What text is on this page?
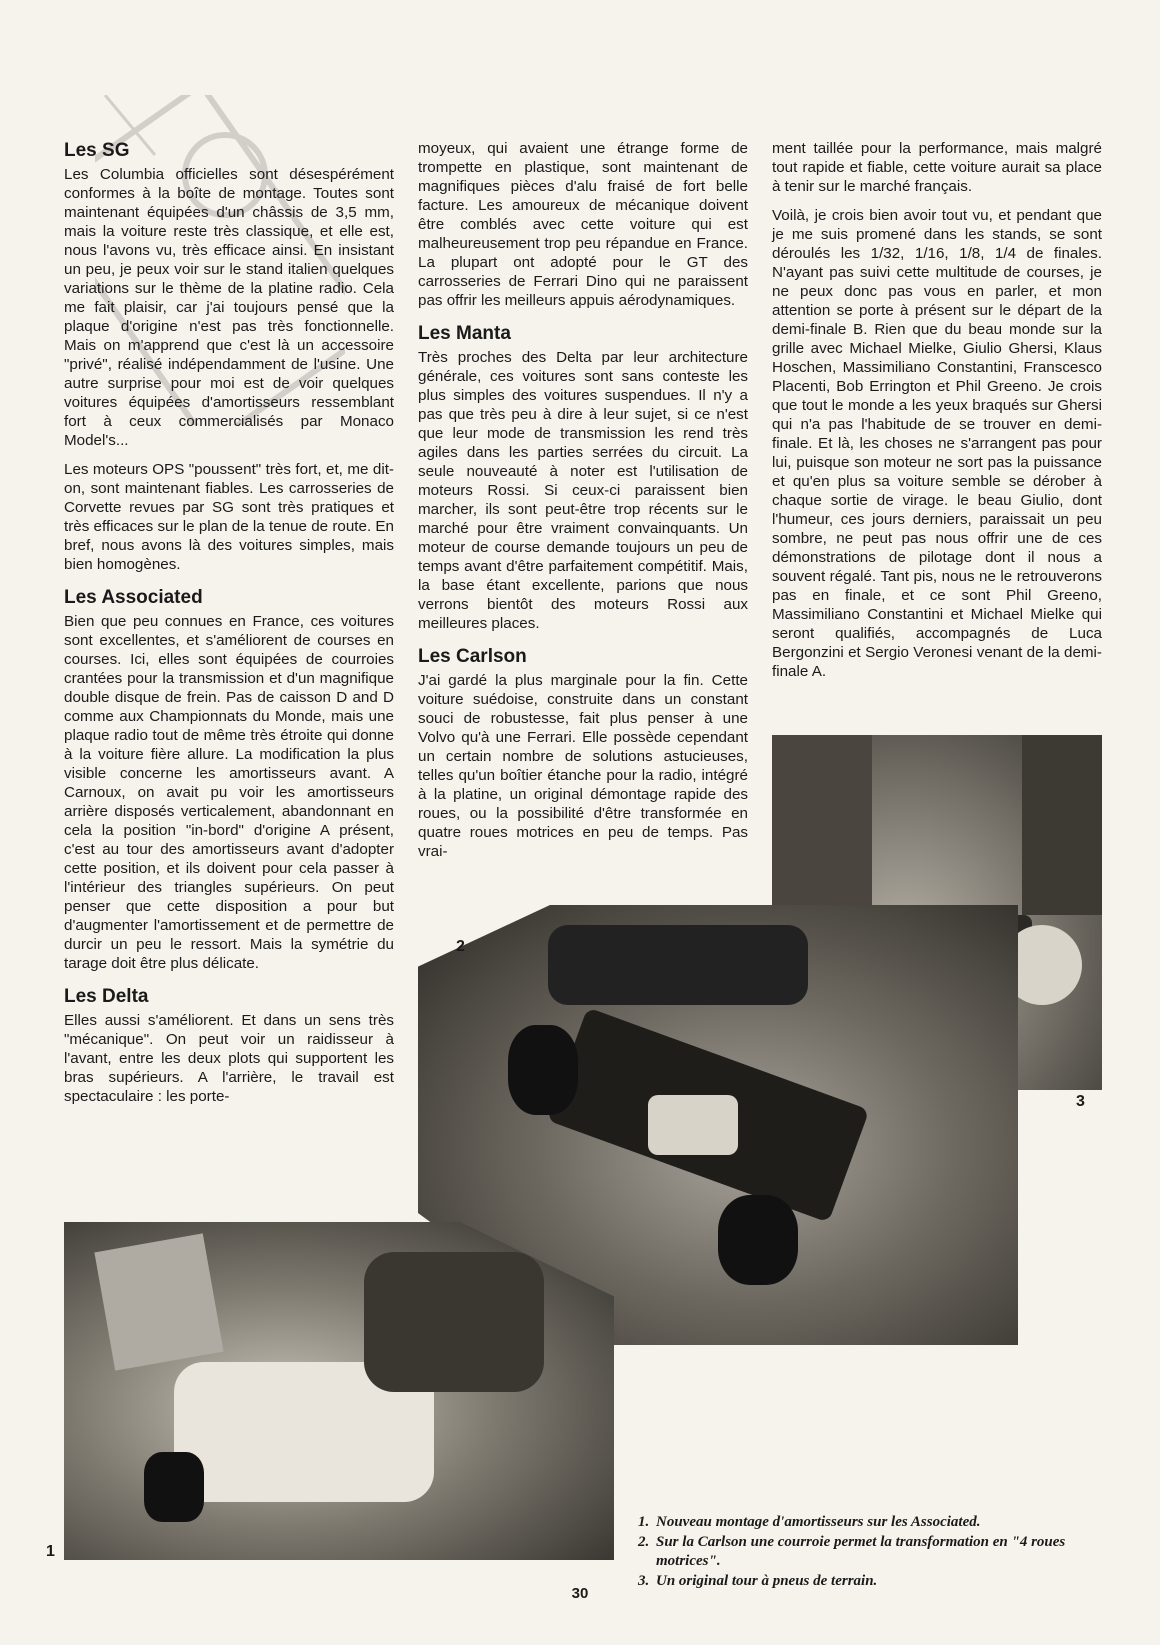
Les SG

Les Columbia officielles sont désespérément conformes à la boîte de montage. Toutes sont maintenant équipées d'un châssis de 3,5 mm, mais la voiture reste très classique, et elle est, nous l'avons vu, très efficace ainsi. En insistant un peu, je peux voir sur le stand italien quelques variations sur le thème de la platine radio. Cela me fait plaisir, car j'ai toujours pensé que la plaque d'origine n'est pas très fonctionnelle. Mais on m'apprend que c'est là un accessoire "privé", réalisé indépendamment de l'usine. Une autre surprise pour moi est de voir quelques voitures équipées d'amortisseurs ressemblant fort à ceux commercialisés par Monaco Model's...

Les moteurs OPS "poussent" très fort, et, me dit-on, sont maintenant fiables. Les carrosseries de Corvette revues par SG sont très pratiques et très efficaces sur le plan de la tenue de route. En bref, nous avons là des voitures simples, mais bien homogènes.

Les Associated

Bien que peu connues en France, ces voitures sont excellentes, et s'améliorent de courses en courses. Ici, elles sont équipées de courroies crantées pour la transmission et d'un magnifique double disque de frein. Pas de caisson D and D comme aux Championnats du Monde, mais une plaque radio tout de même très étroite qui donne à la voiture fière allure. La modification la plus visible concerne les amortisseurs avant. A Carnoux, on avait pu voir les amortisseurs arrière disposés verticalement, abandonnant en cela la position "in-bord" d'origine A présent, c'est au tour des amortisseurs avant d'adopter cette position, et ils doivent pour cela passer à l'intérieur des triangles supérieurs. On peut penser que cette disposition a pour but d'augmenter l'amortissement et de permettre de durcir un peu le ressort. Mais la symétrie du tarage doit être plus délicate.

Les Delta

Elles aussi s'améliorent. Et dans un sens très "mécanique". On peut voir un raidisseur à l'avant, entre les deux plots qui supportent les bras supérieurs. A l'arrière, le travail est spectaculaire : les porte-

moyeux, qui avaient une étrange forme de trompette en plastique, sont maintenant de magnifiques pièces d'alu fraisé de fort belle facture. Les amoureux de mécanique doivent être comblés avec cette voiture qui est malheureusement trop peu répandue en France. La plupart ont adopté pour le GT des carrosseries de Ferrari Dino qui ne paraissent pas offrir les meilleurs appuis aérodynamiques.

Les Manta

Très proches des Delta par leur architecture générale, ces voitures sont sans conteste les plus simples des voitures suspendues. Il n'y a pas que très peu à dire à leur sujet, si ce n'est que leur mode de transmission les rend très agiles dans les parties serrées du circuit. La seule nouveauté à noter est l'utilisation de moteurs Rossi. Si ceux-ci paraissent bien marcher, ils sont peut-être trop récents sur le marché pour être vraiment convainquants. Un moteur de course demande toujours un peu de temps avant d'être parfaitement compétitif. Mais, la base étant excellente, parions que nous verrons bientôt des moteurs Rossi aux meilleures places.

Les Carlson

J'ai gardé la plus marginale pour la fin. Cette voiture suédoise, construite dans un constant souci de robustesse, fait plus penser à une Volvo qu'à une Ferrari. Elle possède cependant un certain nombre de solutions astucieuses, telles qu'un boîtier étanche pour la radio, intégré à la platine, un original démontage rapide des roues, ou la possibilité d'être transformée en quatre roues motrices en peu de temps. Pas vrai-

ment taillée pour la performance, mais malgré tout rapide et fiable, cette voiture aurait sa place à tenir sur le marché français.

Voilà, je crois bien avoir tout vu, et pendant que je me suis promené dans les stands, se sont déroulés les 1/32, 1/16, 1/8, 1/4 de finales. N'ayant pas suivi cette multitude de courses, je ne peux donc pas vous en parler, et mon attention se porte à présent sur le départ de la demi-finale B. Rien que du beau monde sur la grille avec Michael Mielke, Giulio Ghersi, Klaus Hoschen, Massimiliano Constantini, Franscesco Placenti, Bob Errington et Phil Greeno. Je crois que tout le monde a les yeux braqués sur Ghersi qui n'a pas l'habitude de se trouver en demi-finale. Et là, les choses ne s'arrangent pas pour lui, puisque son moteur ne sort pas la puissance et qu'en plus sa voiture semble se dérober à chaque sortie de virage. le beau Giulio, dont l'humeur, ces jours derniers, paraissait un peu sombre, ne peut pas nous offrir une de ces démonstrations de pilotage dont il nous a souvent régalé. Tant pis, nous ne le retrouverons pas en finale, et ce sont Phil Greeno, Massimiliano Constantini et Michael Mielke qui seront qualifiés, accompagnés de Luca Bergonzini et Sergio Veronesi venant de la demi-finale A.

3
2
1
1. Nouveau montage d'amortisseurs sur les Associated.
2. Sur la Carlson une courroie permet la transformation en "4 roues motrices".
3. Un original tour à pneus de terrain.
30
